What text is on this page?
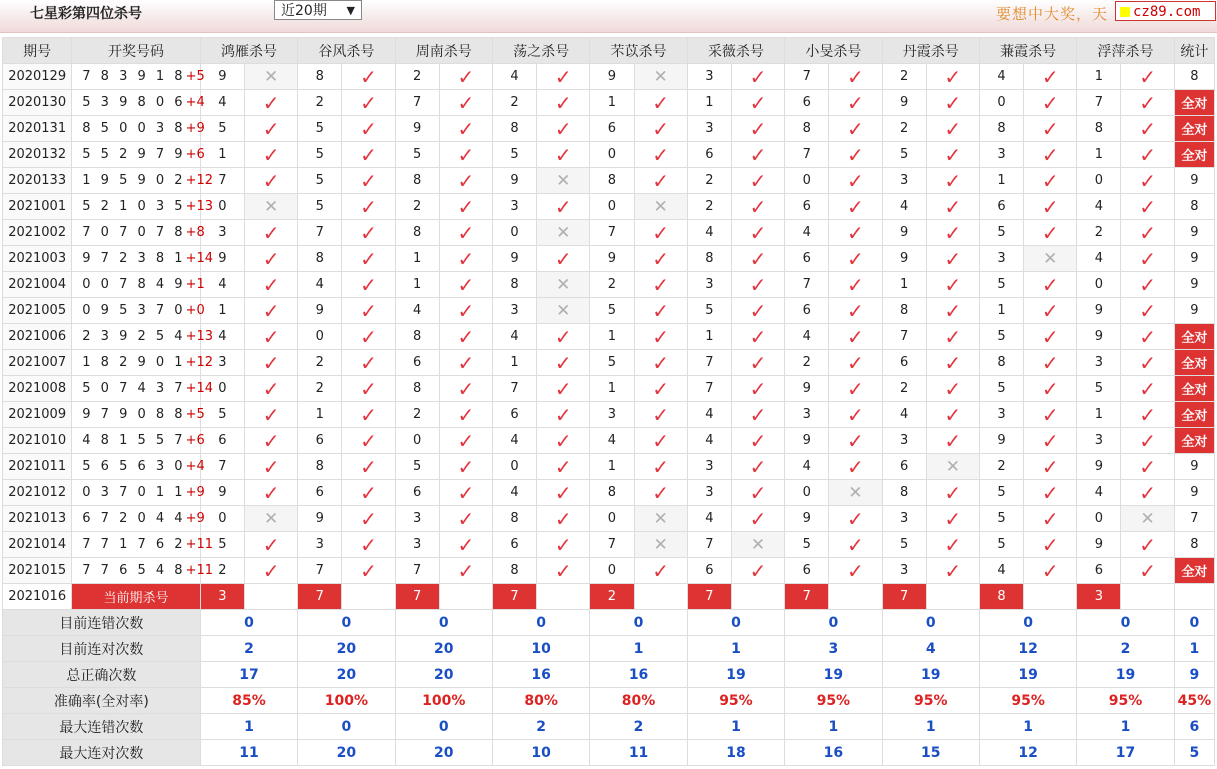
七星彩第四位杀号	近20期 ▼	要想中大奖，天	cz89.com
期号	开奖号码	鸿雁杀号		谷风杀号		周南杀号		荡之杀号		芣苡杀号		采薇杀号		小旻杀号		丹霞杀号		蒹霞杀号		浮萍杀号		统计
2020129	7 8 3 9 1 8+5	9	✕	8	✓	2	✓	4	✓	9	✕	3	✓	7	✓	2	✓	4	✓	1	✓	8
2020130	5 3 9 8 0 6+4	4	✓	2	✓	7	✓	2	✓	1	✓	1	✓	6	✓	9	✓	0	✓	7	✓	全对
2020131	8 5 0 0 3 8+9	5	✓	5	✓	9	✓	8	✓	6	✓	3	✓	8	✓	2	✓	8	✓	8	✓	全对
2020132	5 5 2 9 7 9+6	1	✓	5	✓	5	✓	5	✓	0	✓	6	✓	7	✓	5	✓	3	✓	1	✓	全对
2020133	1 9 5 9 0 2+12	7	✓	5	✓	8	✓	9	✕	8	✓	2	✓	0	✓	3	✓	1	✓	0	✓	9
2021001	5 2 1 0 3 5+13	0	✕	5	✓	2	✓	3	✓	0	✕	2	✓	6	✓	4	✓	6	✓	4	✓	8
2021002	7 0 7 0 7 8+8	3	✓	7	✓	8	✓	0	✕	7	✓	4	✓	4	✓	9	✓	5	✓	2	✓	9
2021003	9 7 2 3 8 1+14	9	✓	8	✓	1	✓	9	✓	9	✓	8	✓	6	✓	9	✓	3	✕	4	✓	9
2021004	0 0 7 8 4 9+1	4	✓	4	✓	1	✓	8	✕	2	✓	3	✓	7	✓	1	✓	5	✓	0	✓	9
2021005	0 9 5 3 7 0+0	1	✓	9	✓	4	✓	3	✕	5	✓	5	✓	6	✓	8	✓	1	✓	9	✓	9
2021006	2 3 9 2 5 4+13	4	✓	0	✓	8	✓	4	✓	1	✓	1	✓	4	✓	7	✓	5	✓	9	✓	全对
2021007	1 8 2 9 0 1+12	3	✓	2	✓	6	✓	1	✓	5	✓	7	✓	2	✓	6	✓	8	✓	3	✓	全对
2021008	5 0 7 4 3 7+14	0	✓	2	✓	8	✓	7	✓	1	✓	7	✓	9	✓	2	✓	5	✓	5	✓	全对
2021009	9 7 9 0 8 8+5	5	✓	1	✓	2	✓	6	✓	3	✓	4	✓	3	✓	4	✓	3	✓	1	✓	全对
2021010	4 8 1 5 5 7+6	6	✓	6	✓	0	✓	4	✓	4	✓	4	✓	9	✓	3	✓	9	✓	3	✓	全对
2021011	5 6 5 6 3 0+4	7	✓	8	✓	5	✓	0	✓	1	✓	3	✓	4	✓	6	✕	2	✓	9	✓	9
2021012	0 3 7 0 1 1+9	9	✓	6	✓	6	✓	4	✓	8	✓	3	✓	0	✕	8	✓	5	✓	4	✓	9
2021013	6 7 2 0 4 4+9	0	✕	9	✓	3	✓	8	✓	0	✕	4	✓	9	✓	3	✓	5	✓	0	✕	7
2021014	7 7 1 7 6 2+11	5	✓	3	✓	3	✓	6	✓	7	✕	7	✕	5	✓	5	✓	5	✓	9	✓	8
2021015	7 7 6 5 4 8+11	2	✓	7	✓	7	✓	8	✓	0	✓	6	✓	6	✓	3	✓	4	✓	6	✓	全对
2021016	当前期杀号	3		7		7		7		2		7		7		7		8		3		
目前连错次数		0		0		0		0		0		0		0		0		0		0		0
目前连对次数		2		20		20		10		1		1		3		4		12		2		1
总正确次数		17		20		20		16		16		19		19		19		19		19		9
准确率(全对率)		85%		100%		100%		80%		80%		95%		95%		95%		95%		95%		45%
最大连错次数		1		0		0		2		2		1		1		1		1		1		6
最大连对次数		11		20		20		10		11		18		16		15		12		17		5
